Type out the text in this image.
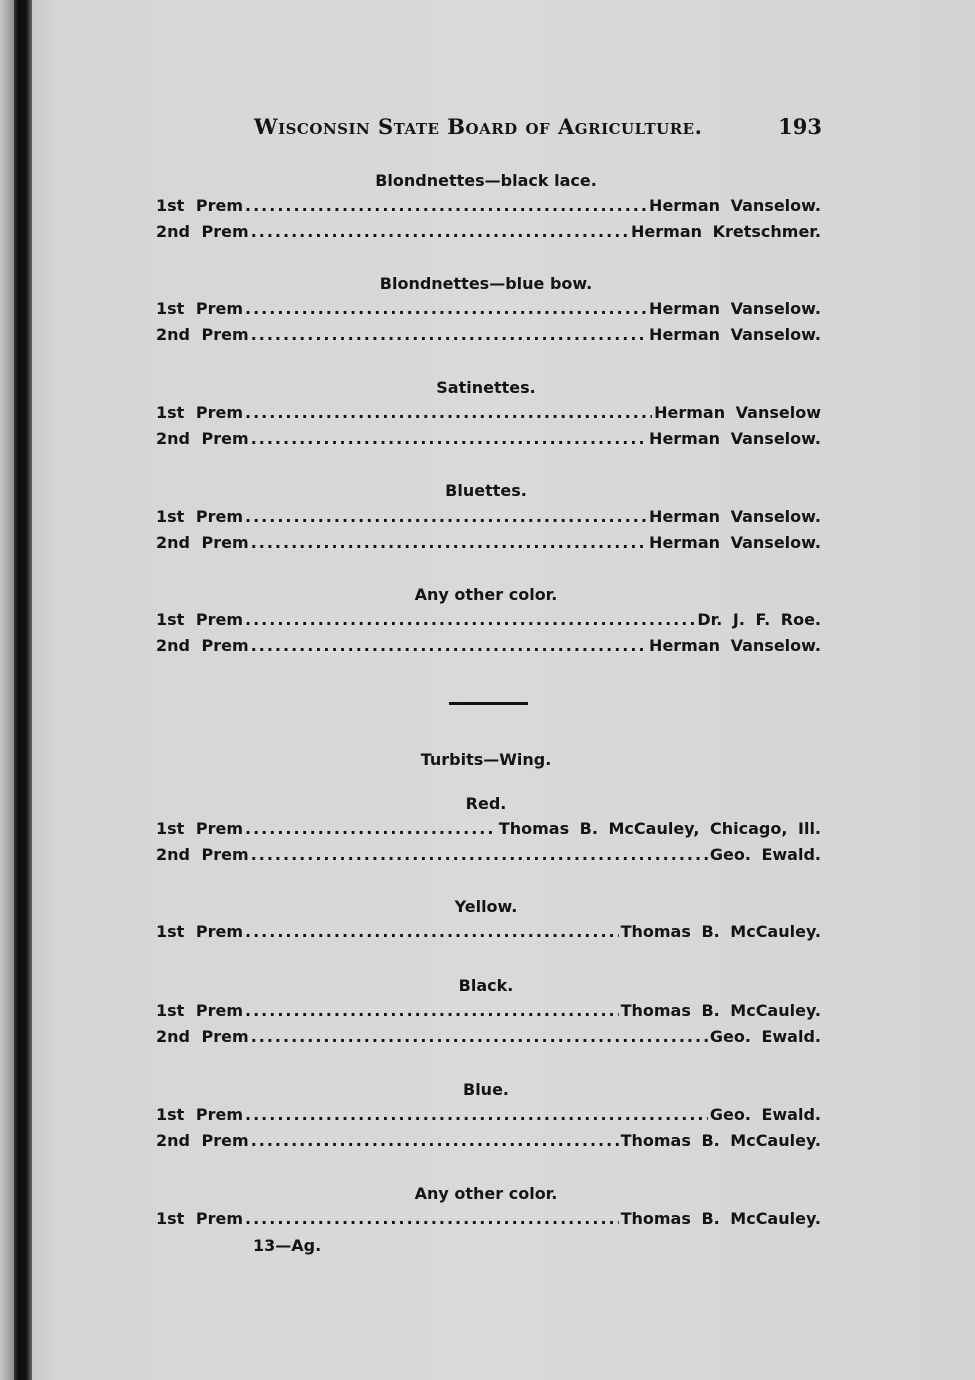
Wisconsin State Board of Agriculture.	193
Blondnettes—black lace.
1st Prem .....	Herman Vanselow.
2nd Prem .....	Herman Kretschmer.
Blondnettes—blue bow.
1st Prem .....	Herman Vanselow.
2nd Prem .....	Herman Vanselow.
Satinettes.
1st Prem .....	Herman Vanselow
2nd Prem .....	Herman Vanselow.
Bluettes.
1st Prem .....	Herman Vanselow.
2nd Prem .....	Herman Vanselow.
Any other color.
1st Prem .....	Dr. J. F. Roe.
2nd Prem .....	Herman Vanselow.
Turbits—Wing.
Red.
1st Prem .....	Thomas B. McCauley, Chicago, Ill.
2nd Prem .....	Geo. Ewald.
Yellow.
1st Prem .....	Thomas B. McCauley.
Black.
1st Prem .....	Thomas B. McCauley.
2nd Prem .....	Geo. Ewald.
Blue.
1st Prem .....	Geo. Ewald.
2nd Prem .....	Thomas B. McCauley.
Any other color.
1st Prem .....	Thomas B. McCauley.
13—Ag.
